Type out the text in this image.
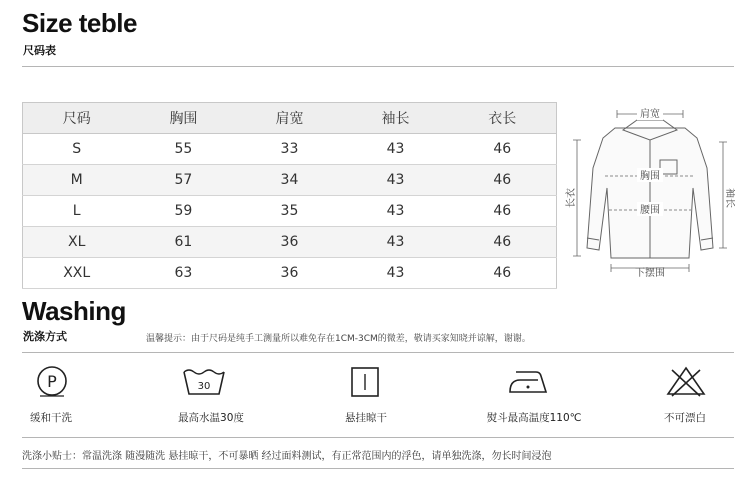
Size teble
尺码表
尺码	胸围	肩宽	袖长	衣长
S	55	33	43	46
M	57	34	43	46
L	59	35	43	46
XL	61	36	43	46
XXL	63	36	43	46
肩宽
胸围
腰围
下摆围
长衣	袖长
Washing
洗涤方式	温馨提示：由于尺码是纯手工测量所以难免存在1CM-3CM的微差，敬请买家知晓并谅解，谢谢。
P
缓和干洗
30
最高水温30度	悬挂晾干	熨斗最高温度110℃	不可漂白
洗涤小贴士：常温洗涤 随漫随洗 悬挂晾干，不可暴晒 经过面料测试，有正常范围内的浮色，请单独洗涤，勿长时间浸泡
